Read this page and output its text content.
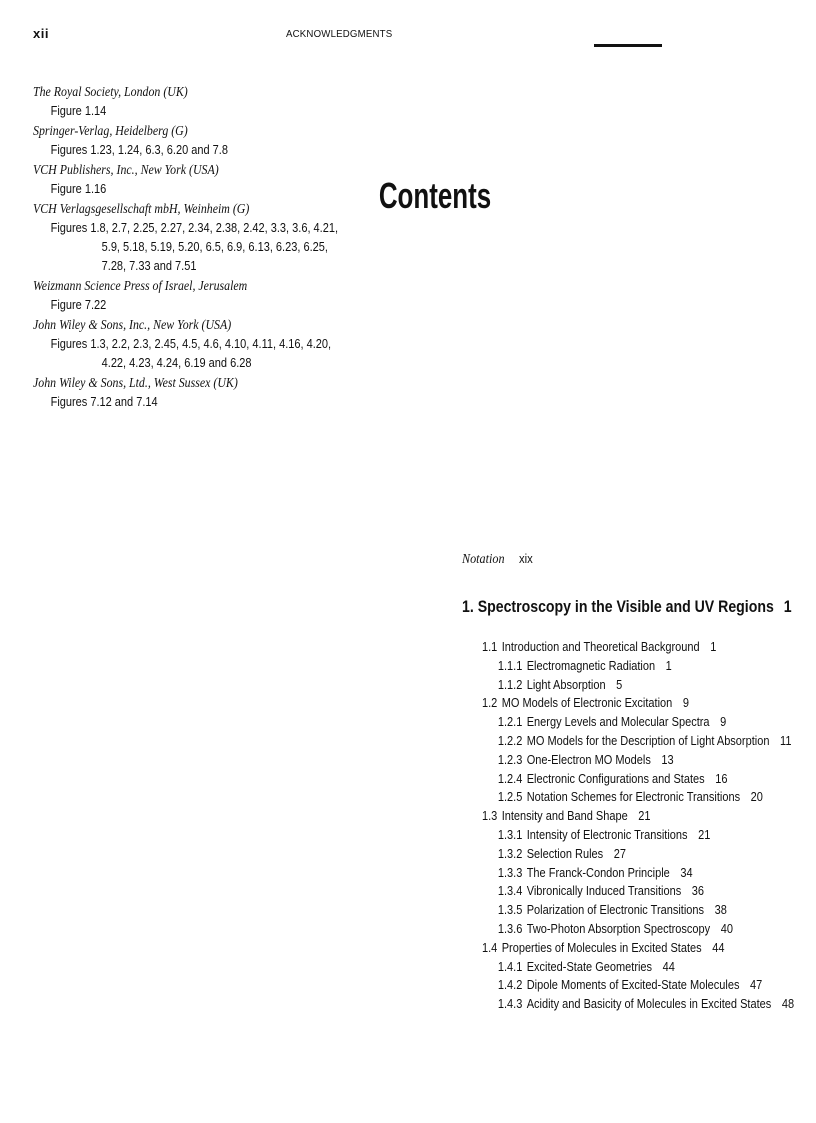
xii	ACKNOWLEDGMENTS
The Royal Society, London (UK)
Figure 1.14
Springer-Verlag, Heidelberg (G)
Figures 1.23, 1.24, 6.3, 6.20 and 7.8
VCH Publishers, Inc., New York (USA)
Figure 1.16
VCH Verlagsgesellschaft mbH, Weinheim (G)
Figures 1.8, 2.7, 2.25, 2.27, 2.34, 2.38, 2.42, 3.3, 3.6, 4.21, 5.9, 5.18, 5.19, 5.20, 6.5, 6.9, 6.13, 6.23, 6.25, 7.28, 7.33 and 7.51
Weizmann Science Press of Israel, Jerusalem
Figure 7.22
John Wiley & Sons, Inc., New York (USA)
Figures 1.3, 2.2, 2.3, 2.45, 4.5, 4.6, 4.10, 4.11, 4.16, 4.20, 4.22, 4.23, 4.24, 6.19 and 6.28
John Wiley & Sons, Ltd., West Sussex (UK)
Figures 7.12 and 7.14
Contents
Notation xix
1. Spectroscopy in the Visible and UV Regions 1
1.1 Introduction and Theoretical Background 1
1.1.1 Electromagnetic Radiation 1
1.1.2 Light Absorption 5
1.2 MO Models of Electronic Excitation 9
1.2.1 Energy Levels and Molecular Spectra 9
1.2.2 MO Models for the Description of Light Absorption 11
1.2.3 One-Electron MO Models 13
1.2.4 Electronic Configurations and States 16
1.2.5 Notation Schemes for Electronic Transitions 20
1.3 Intensity and Band Shape 21
1.3.1 Intensity of Electronic Transitions 21
1.3.2 Selection Rules 27
1.3.3 The Franck-Condon Principle 34
1.3.4 Vibronically Induced Transitions 36
1.3.5 Polarization of Electronic Transitions 38
1.3.6 Two-Photon Absorption Spectroscopy 40
1.4 Properties of Molecules in Excited States 44
1.4.1 Excited-State Geometries 44
1.4.2 Dipole Moments of Excited-State Molecules 47
1.4.3 Acidity and Basicity of Molecules in Excited States 48
